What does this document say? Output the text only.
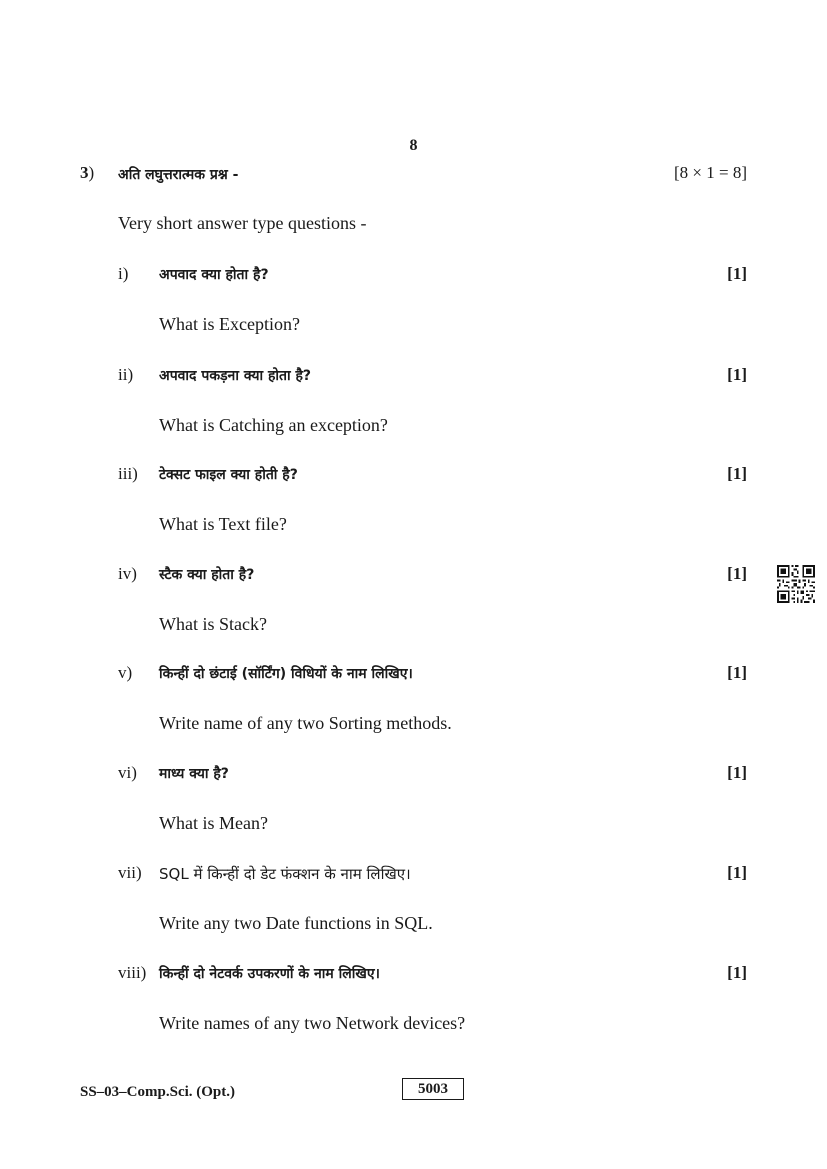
8
3) अति लघुत्तरात्मक प्रश्न -	[8 × 1 = 8]
Very short answer type questions -
i) अपवाद क्या होता है?	[1]
What is Exception?
ii) अपवाद पकड़ना क्या होता है?	[1]
What is Catching an exception?
iii) टेक्सट फाइल क्या होती है?	[1]
What is Text file?
iv) स्टैक क्या होता है?	[1]
What is Stack?
v) किन्हीं दो छंटाई (सॉर्टिंग) विधियों के नाम लिखिए।	[1]
Write name of any two Sorting methods.
vi) माध्य क्या है?	[1]
What is Mean?
vii) SQL में किन्हीं दो डेट फंक्शन के नाम लिखिए।	[1]
Write any two Date functions in SQL.
viii) किन्हीं दो नेटवर्क उपकरणों के नाम लिखिए।	[1]
Write names of any two Network devices?
SS–03–Comp.Sci. (Opt.)	5003
